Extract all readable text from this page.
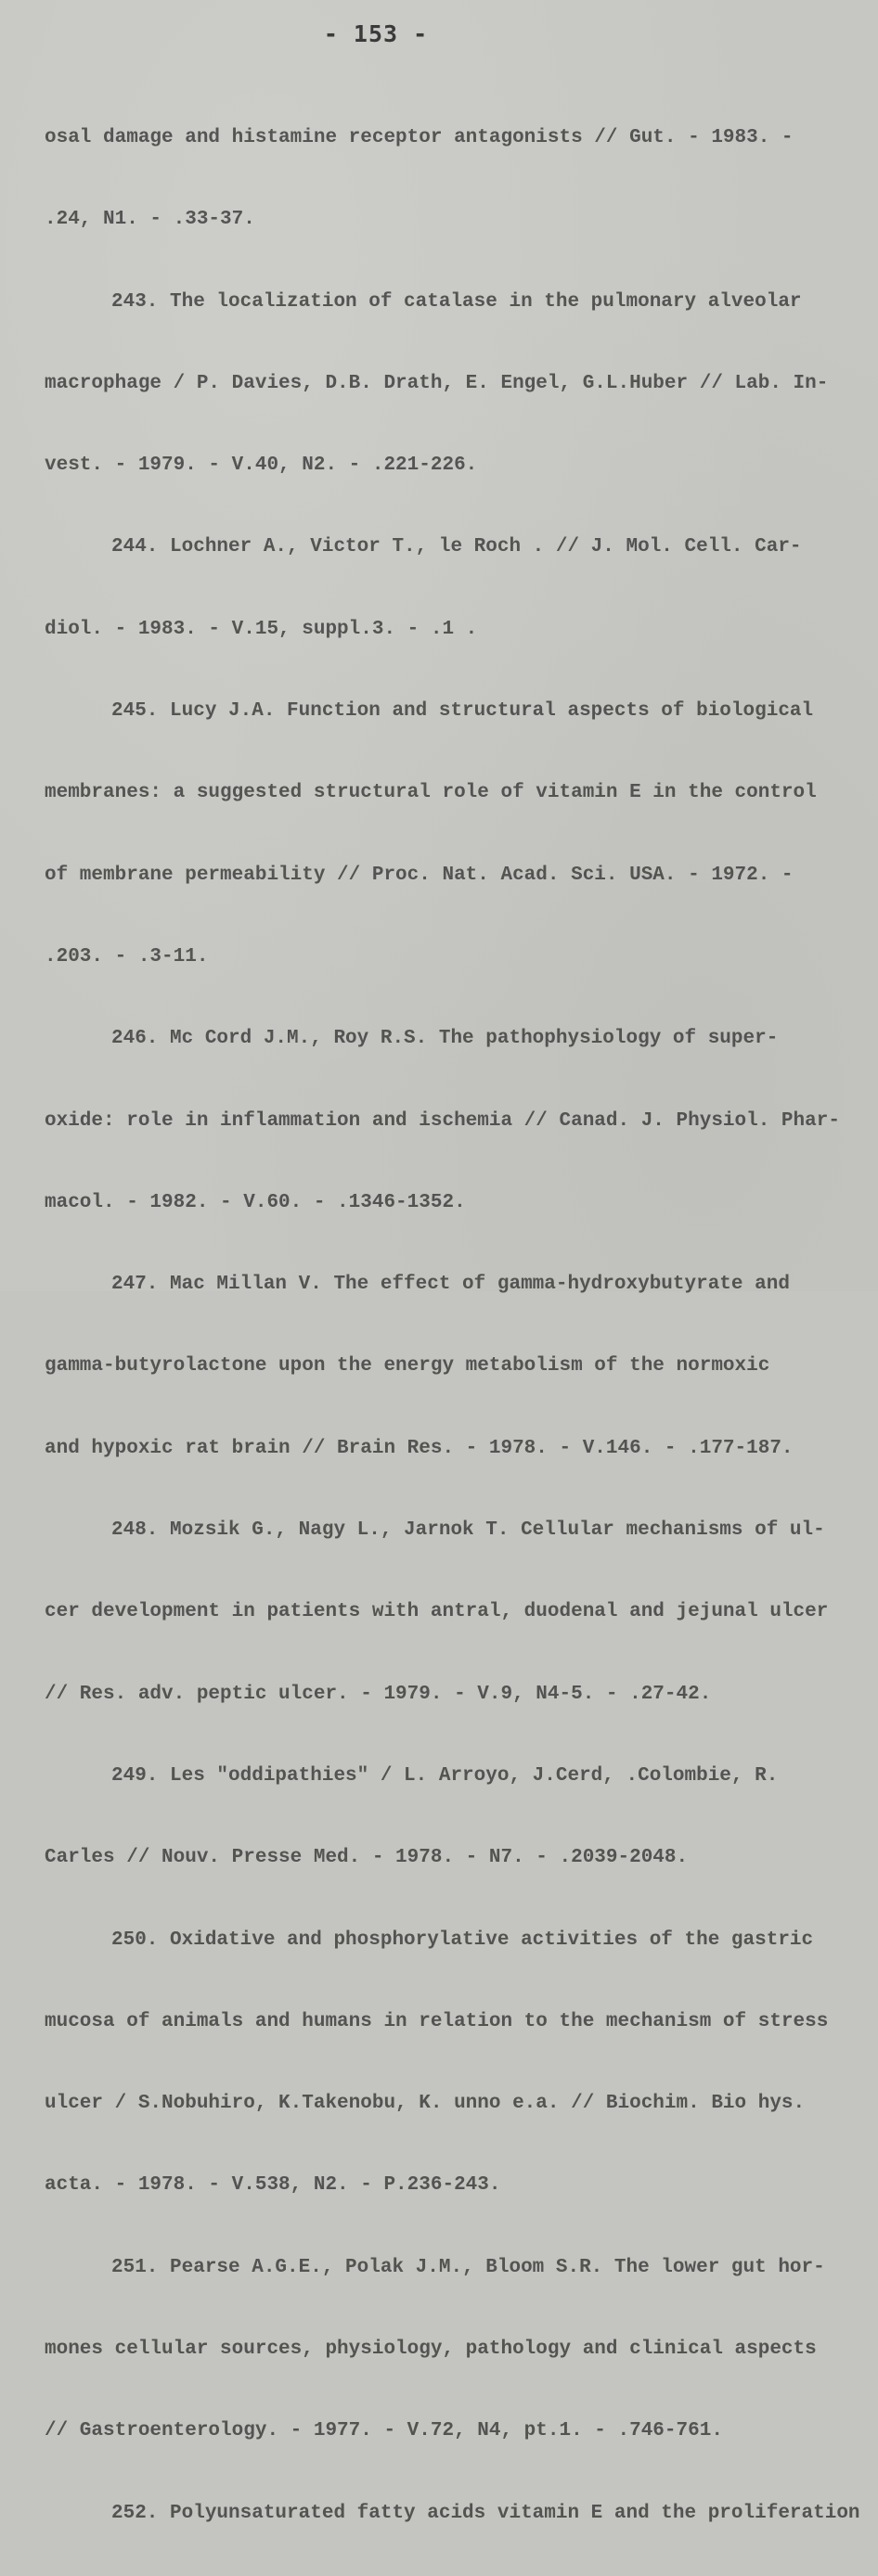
- 153 -

osal damage and histamine receptor antagonists // Gut. - 1983. -

.24, N1. - .33-37.

243. The localization of catalase in the pulmonary alveolar

macrophage / P. Davies, D.B. Drath, E. Engel, G.L.Huber // Lab. In-

vest. - 1979. - V.40, N2. - .221-226.

244. Lochner A., Victor T., le Roch . // J. Mol. Cell. Car-

diol. - 1983. - V.15, suppl.3. - .1 .

245. Lucy J.A. Function and structural aspects of biological

membranes: a suggested structural role of vitamin E in the control

of membrane permeability // Proc. Nat. Acad. Sci. USA. - 1972. -

.203. - .3-11.

246. Mc Cord J.M., Roy R.S. The pathophysiology of super-

oxide: role in inflammation and ischemia // Canad. J. Physiol. Phar-

macol. - 1982. - V.60. - .1346-1352.

247. Mac Millan V. The effect of gamma-hydroxybutyrate and

gamma-butyrolactone upon the energy metabolism of the normoxic

and hypoxic rat brain // Brain Res. - 1978. - V.146. - .177-187.

248. Mozsik G., Nagy L., Jarnok T. Cellular mechanisms of ul-

cer development in patients with antral, duodenal and jejunal ulcer

// Res. adv. peptic ulcer. - 1979. - V.9, N4-5. - .27-42.

249. Les "oddipathies" / L. Arroyo, J.Cerd, .Colombie, R.

Carles // Nouv. Presse Med. - 1978. - N7. - .2039-2048.

250. Oxidative and phosphorylative activities of the gastric

mucosa of animals and humans in relation to the mechanism of stress

ulcer / S.Nobuhiro, K.Takenobu, K. unno e.a. // Biochim. Bio hys.

acta. - 1978. - V.538, N2. - P.236-243.

251. Pearse A.G.E., Polak J.M., Bloom S.R. The lower gut hor-

mones cellular sources, physiology, pathology and clinical aspects

// Gastroenterology. - 1977. - V.72, N4, pt.1. - .746-761.

252. Polyunsaturated fatty acids vitamin E and the proliferation
